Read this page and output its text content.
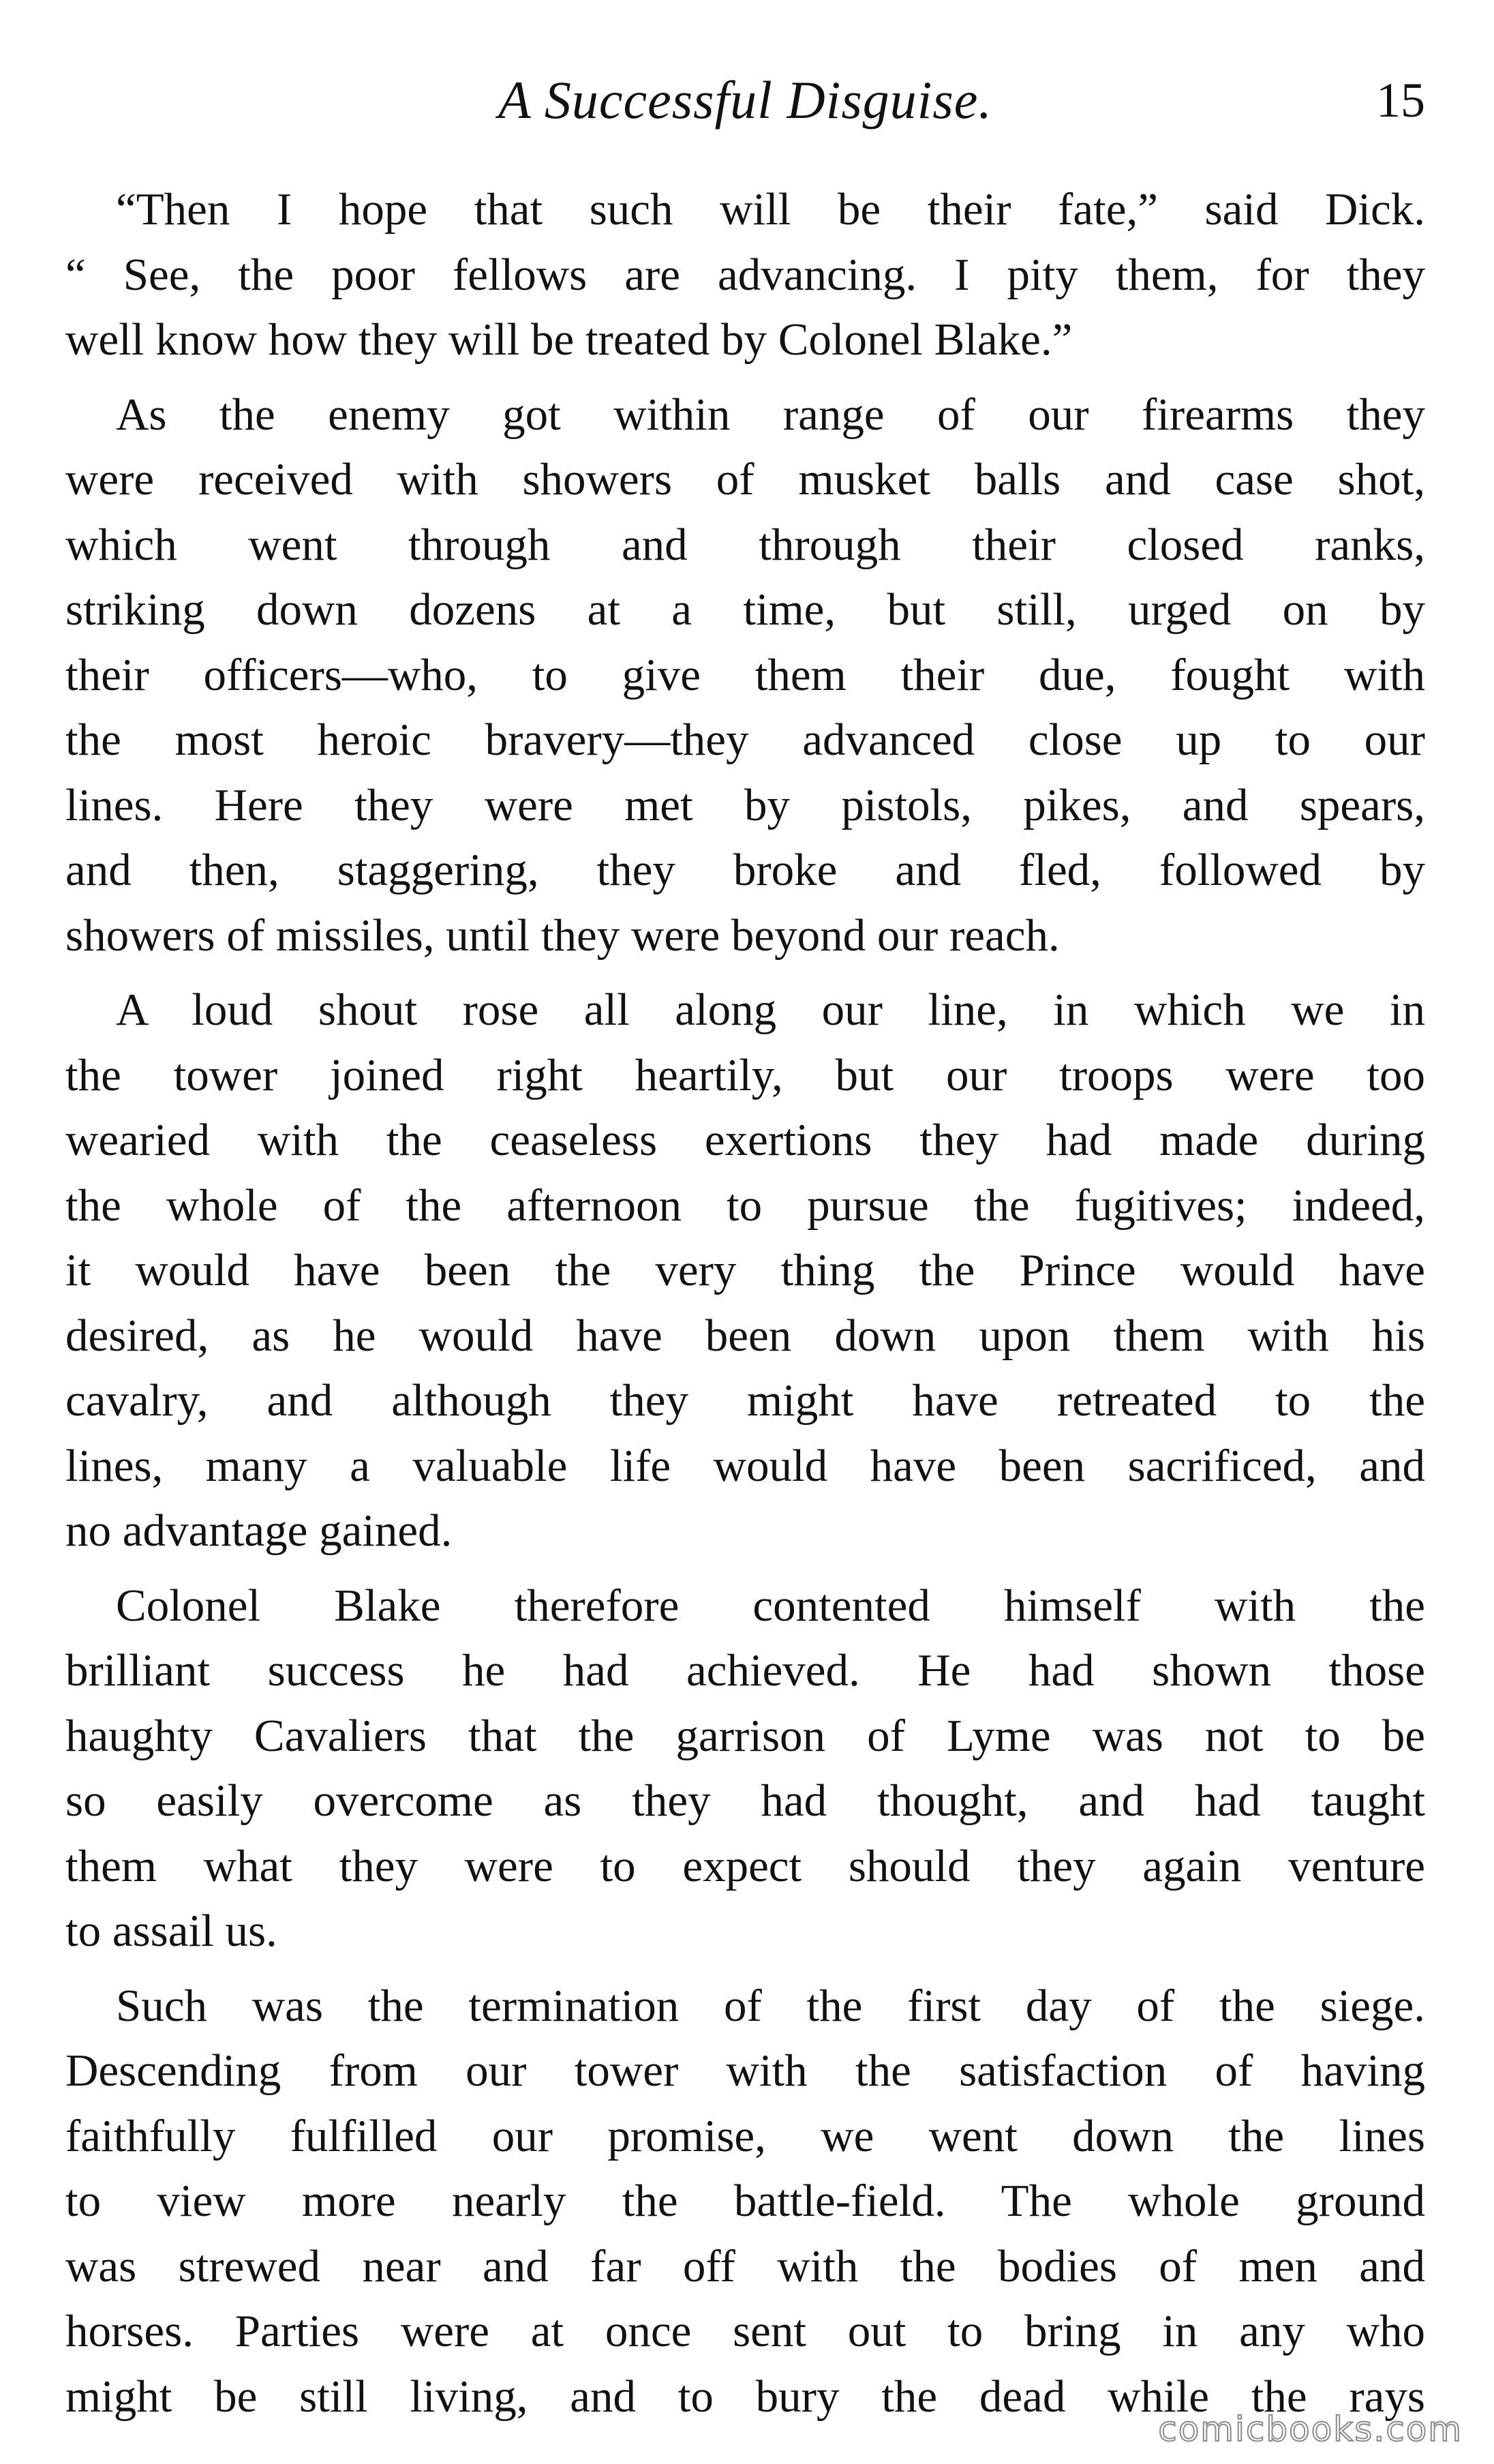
A Successful Disguise.	15
“Then I hope that such will be their fate,” said Dick.
“ See, the poor fellows are advancing. I pity them, for they
well know how they will be treated by Colonel Blake.”
As the enemy got within range of our firearms they
were received with showers of musket balls and case shot,
which went through and through their closed ranks,
striking down dozens at a time, but still, urged on by
their officers—who, to give them their due, fought with
the most heroic bravery—they advanced close up to our
lines. Here they were met by pistols, pikes, and spears,
and then, staggering, they broke and fled, followed by
showers of missiles, until they were beyond our reach.
A loud shout rose all along our line, in which we in
the tower joined right heartily, but our troops were too
wearied with the ceaseless exertions they had made during
the whole of the afternoon to pursue the fugitives; indeed,
it would have been the very thing the Prince would have
desired, as he would have been down upon them with his
cavalry, and although they might have retreated to the
lines, many a valuable life would have been sacrificed, and
no advantage gained.
Colonel Blake therefore contented himself with the
brilliant success he had achieved. He had shown those
haughty Cavaliers that the garrison of Lyme was not to be
so easily overcome as they had thought, and had taught
them what they were to expect should they again venture
to assail us.
Such was the termination of the first day of the siege.
Descending from our tower with the satisfaction of having
faithfully fulfilled our promise, we went down the lines
to view more nearly the battle-field. The whole ground
was strewed near and far off with the bodies of men and
horses. Parties were at once sent out to bring in any who
might be still living, and to bury the dead while the rays
comicbooks.com
